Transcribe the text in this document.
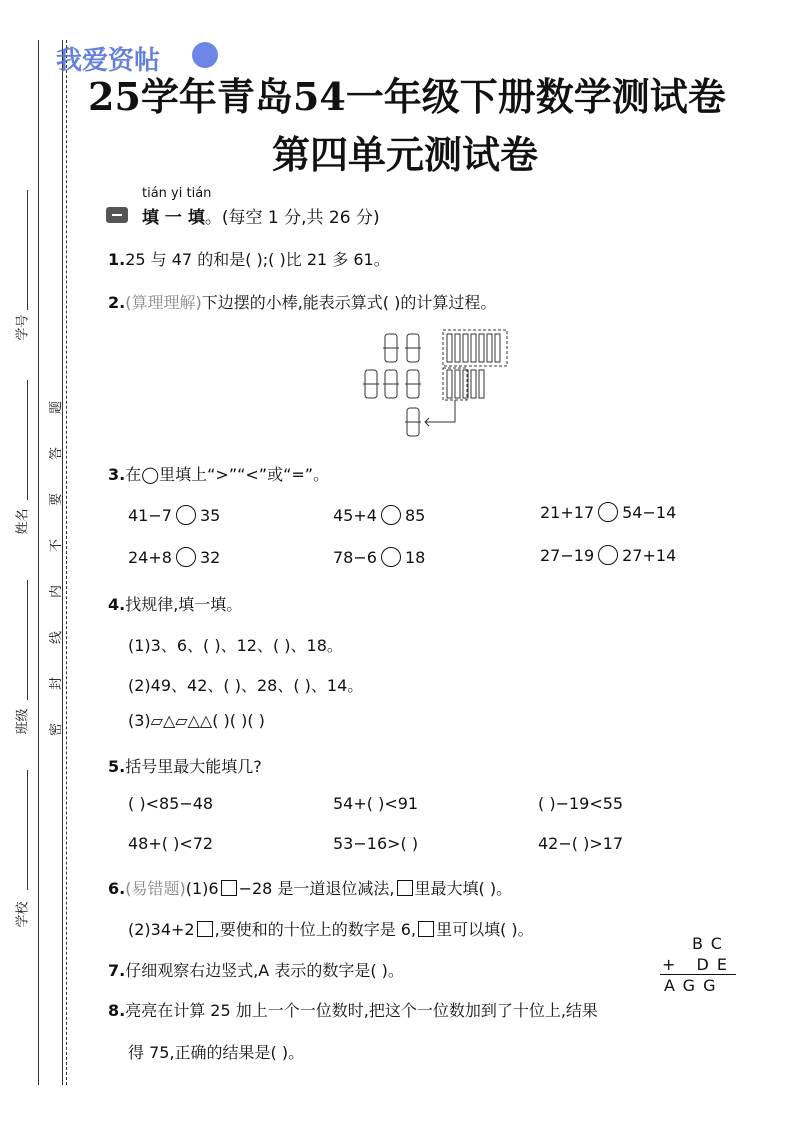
学号
姓名
班级
学校
题
答
要
不
内
线
封
密
我爱资帖
25学年青岛54一年级下册数学测试卷
第四单元测试卷
tián yi tián
填 一 填。(每空 1 分,共 26 分)
1.25 与 47 的和是( );( )比 21 多 61。
2.(算理理解)下边摆的小棒,能表示算式( )的计算过程。
3.在◯里填上“>”“<”或“=”。
41−7 35	45+4 85	21+17 54−14
24+8 32	78−6 18	27−19 27+14
4.找规律,填一填。
(1)3、6、( )、12、( )、18。
(2)49、42、( )、28、( )、14。
(3)▱△▱△△( )( )( )
5.括号里最大能填几?
( )<85−48	54+( )<91	( )−19<55
48+( )<72	53−16>( )	42−( )>17
6.(易错题)(1)6 −28 是一道退位减法, 里最大填( )。
(2)34+2 ,要使和的十位上的数字是 6, 里可以填( )。
7.仔细观察右边竖式,A 表示的数字是( )。
BC
+ DE
AGG
8.亮亮在计算 25 加上一个一位数时,把这个一位数加到了十位上,结果
得 75,正确的结果是( )。
